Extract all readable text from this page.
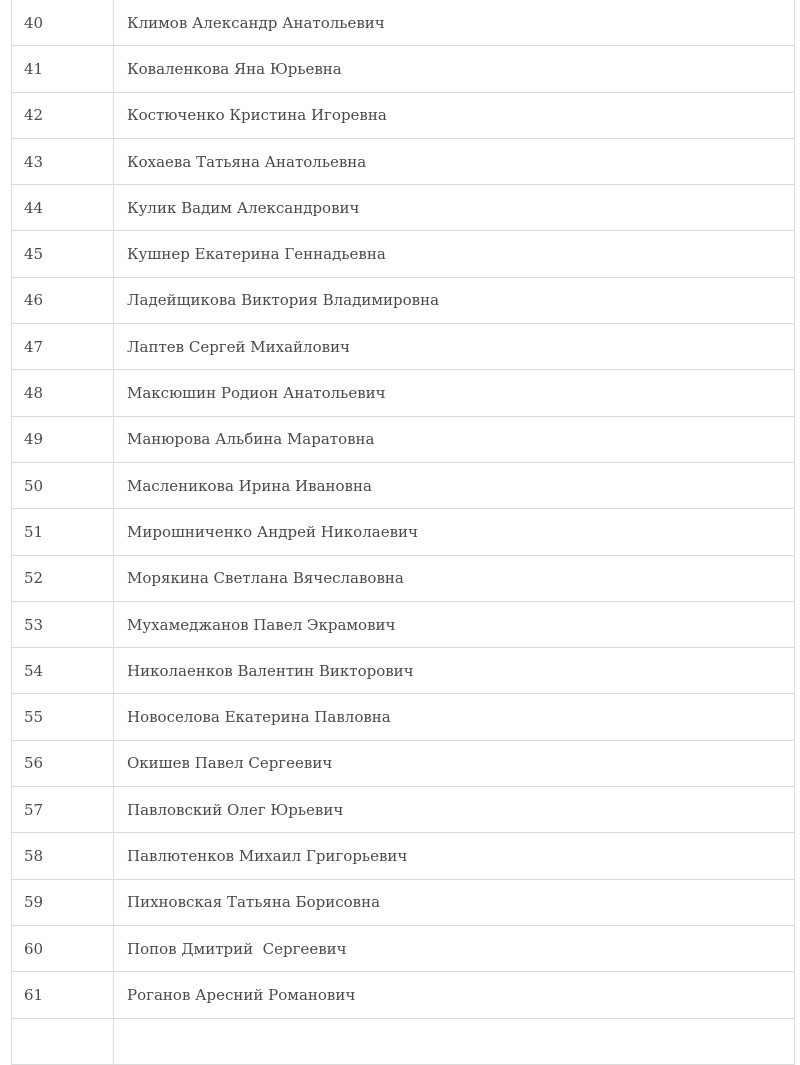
40	Климов Александр Анатольевич
41	Коваленкова Яна Юрьевна
42	Костюченко Кристина Игоревна
43	Кохаева Татьяна Анатольевна
44	Кулик Вадим Александрович
45	Кушнер Екатерина Геннадьевна
46	Ладейщикова Виктория Владимировна
47	Лаптев Сергей Михайлович
48	Максюшин Родион Анатольевич
49	Манюрова Альбина Маратовна
50	Масленикова Ирина Ивановна
51	Мирошниченко Андрей Николаевич
52	Морякина Светлана Вячеславовна
53	Мухамеджанов Павел Экрамович
54	Николаенков Валентин Викторович
55	Новоселова Екатерина Павловна
56	Окишев Павел Сергеевич
57	Павловский Олег Юрьевич
58	Павлютенков Михаил Григорьевич
59	Пихновская Татьяна Борисовна
60	Попов Дмитрий  Сергеевич
61	Роганов Аресний Романович
